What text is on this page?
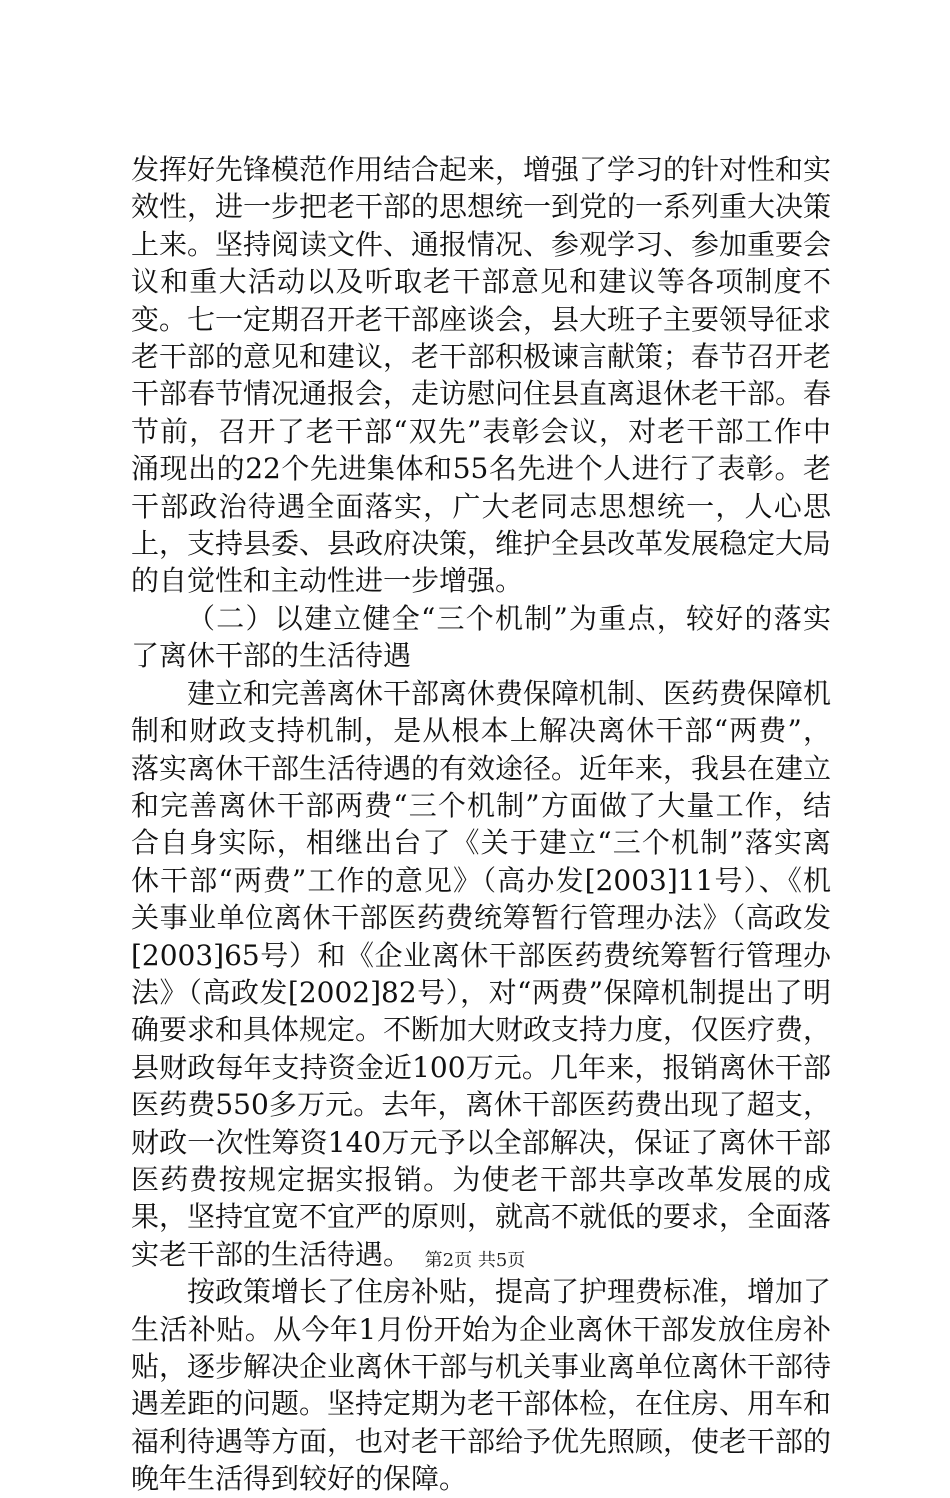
发挥好先锋模范作用结合起来，增强了学习的针对性和实效性，进一步把老干部的思想统一到党的一系列重大决策上来。坚持阅读文件、通报情况、参观学习、参加重要会议和重大活动以及听取老干部意见和建议等各项制度不变。七一定期召开老干部座谈会，县大班子主要领导征求老干部的意见和建议，老干部积极谏言献策；春节召开老干部春节情况通报会，走访慰问住县直离退休老干部。春节前，召开了老干部“双先”表彰会议，对老干部工作中涌现出的22个先进集体和55名先进个人进行了表彰。老干部政治待遇全面落实，广大老同志思想统一，人心思上，支持县委、县政府决策，维护全县改革发展稳定大局的自觉性和主动性进一步增强。

（二）以建立健全“三个机制”为重点，较好的落实了离休干部的生活待遇

建立和完善离休干部离休费保障机制、医药费保障机制和财政支持机制，是从根本上解决离休干部“两费”，落实离休干部生活待遇的有效途径。近年来，我县在建立和完善离休干部两费“三个机制”方面做了大量工作，结合自身实际，相继出台了《关于建立“三个机制”落实离休干部“两费”工作的意见》（高办发[2003]11号）、《机关事业单位离休干部医药费统筹暂行管理办法》（高政发[2003]65号）和《企业离休干部医药费统筹暂行管理办法》（高政发[2002]82号），对“两费”保障机制提出了明确要求和具体规定。不断加大财政支持力度，仅医疗费，县财政每年支持资金近100万元。几年来，报销离休干部医药费550多万元。去年，离休干部医药费出现了超支，财政一次性筹资140万元予以全部解决，保证了离休干部医药费按规定据实报销。为使老干部共享改革发展的成果，坚持宜宽不宜严的原则，就高不就低的要求，全面落实老干部的生活待遇。

按政策增长了住房补贴，提高了护理费标准，增加了生活补贴。从今年1月份开始为企业离休干部发放住房补贴，逐步解决企业离休干部与机关事业离单位离休干部待遇差距的问题。坚持定期为老干部体检，在住房、用车和福利待遇等方面，也对老干部给予优先照顾，使老干部的晚年生活得到较好的保障。

第2页 共5页
